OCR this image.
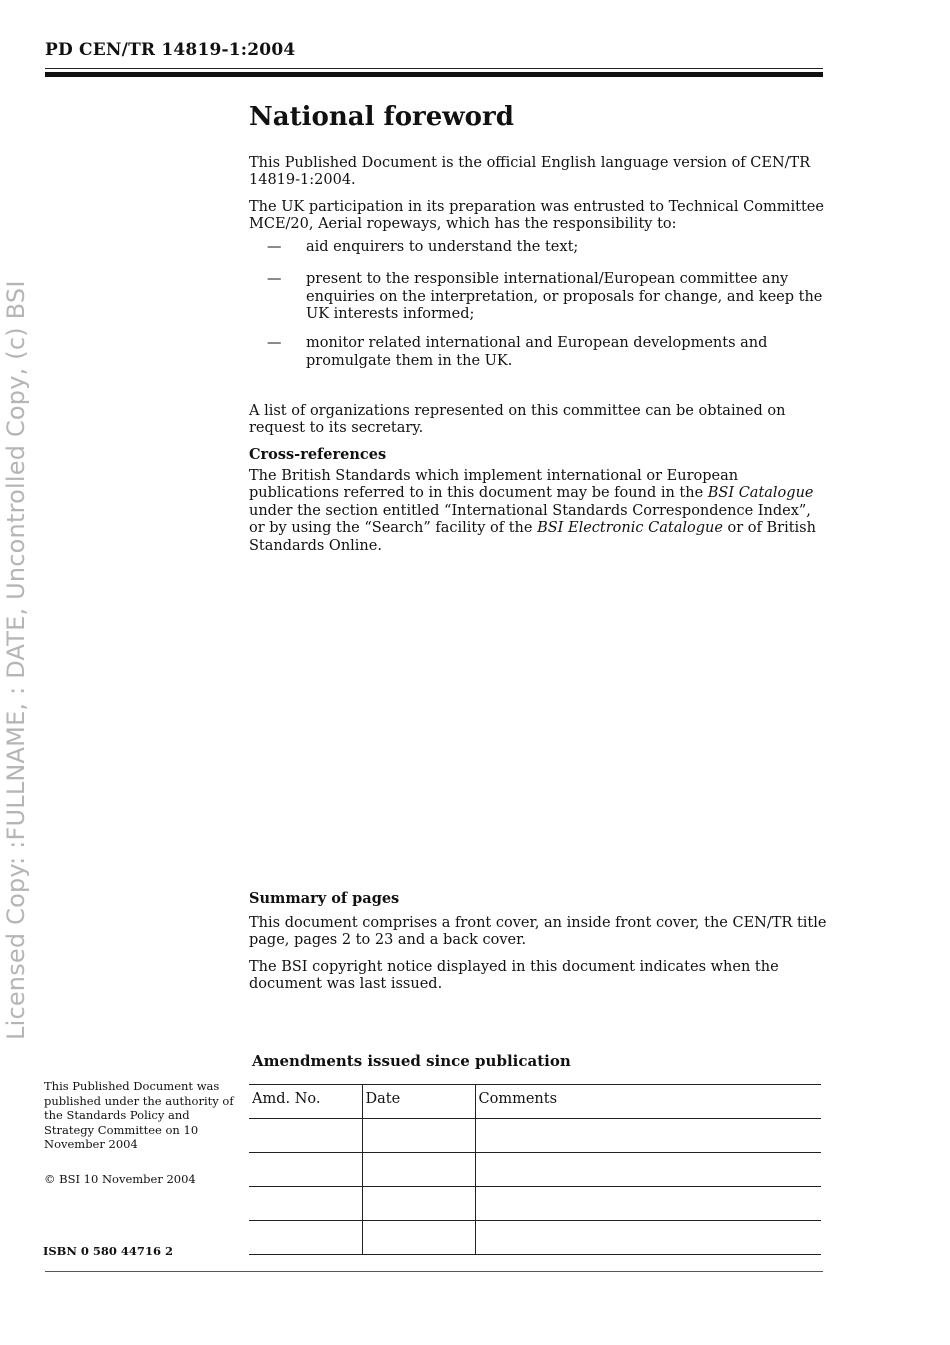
PD CEN/TR 14819-1:2004
Licensed Copy: :FULLNAME, : DATE, Uncontrolled Copy, (c) BSI
National foreword

This Published Document is the official English language version of CEN/TR 14819-1:2004.

The UK participation in its preparation was entrusted to Technical Committee MCE/20, Aerial ropeways, which has the responsibility to:

— aid enquirers to understand the text;
— present to the responsible international/European committee any enquiries on the interpretation, or proposals for change, and keep the UK interests informed;
— monitor related international and European developments and promulgate them in the UK.

A list of organizations represented on this committee can be obtained on request to its secretary.

Cross-references

The British Standards which implement international or European publications referred to in this document may be found in the BSI Catalogue under the section entitled “International Standards Correspondence Index”, or by using the “Search” facility of the BSI Electronic Catalogue or of British Standards Online.

Summary of pages

This document comprises a front cover, an inside front cover, the CEN/TR title page, pages 2 to 23 and a back cover.

The BSI copyright notice displayed in this document indicates when the document was last issued.

Amendments issued since publication
Amd. No.	Date	Comments

This Published Document was published under the authority of the Standards Policy and Strategy Committee on 10 November 2004
© BSI 10 November 2004
ISBN 0 580 44716 2
